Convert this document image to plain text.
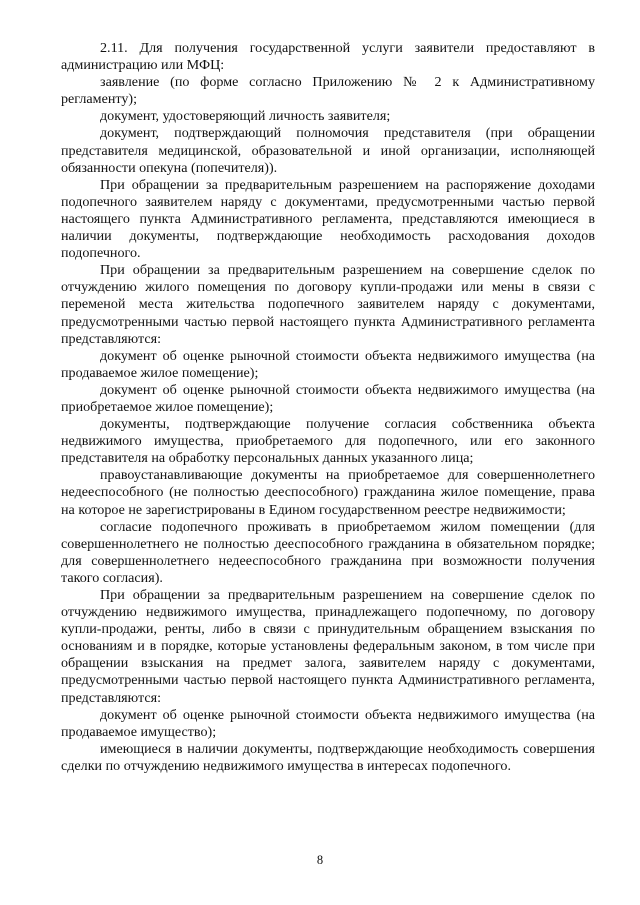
2.11. Для получения государственной услуги заявители предоставляют в администрацию или МФЦ:

заявление (по форме согласно Приложению № 2 к Административному регламенту);

документ, удостоверяющий личность заявителя;

документ, подтверждающий полномочия представителя (при обращении представителя медицинской, образовательной и иной организации, исполняющей обязанности опекуна (попечителя)).

При обращении за предварительным разрешением на распоряжение доходами подопечного заявителем наряду с документами, предусмотренными частью первой настоящего пункта Административного регламента, представляются имеющиеся в наличии документы, подтверждающие необходимость расходования доходов подопечного.

При обращении за предварительным разрешением на совершение сделок по отчуждению жилого помещения по договору купли-продажи или мены в связи с переменой места жительства подопечного заявителем наряду с документами, предусмотренными частью первой настоящего пункта Административного регламента представляются:

документ об оценке рыночной стоимости объекта недвижимого имущества (на продаваемое жилое помещение);

документ об оценке рыночной стоимости объекта недвижимого имущества (на приобретаемое жилое помещение);

документы, подтверждающие получение согласия собственника объекта недвижимого имущества, приобретаемого для подопечного, или его законного представителя на обработку персональных данных указанного лица;

правоустанавливающие документы на приобретаемое для совершеннолетнего недееспособного (не полностью дееспособного) гражданина жилое помещение, права на которое не зарегистрированы в Едином государственном реестре недвижимости;

согласие подопечного проживать в приобретаемом жилом помещении (для совершеннолетнего не полностью дееспособного гражданина в обязательном порядке; для совершеннолетнего недееспособного гражданина при возможности получения такого согласия).

При обращении за предварительным разрешением на совершение сделок по отчуждению недвижимого имущества, принадлежащего подопечному, по договору купли-продажи, ренты, либо в связи с принудительным обращением взыскания по основаниям и в порядке, которые установлены федеральным законом, в том числе при обращении взыскания на предмет залога, заявителем наряду с документами, предусмотренными частью первой настоящего пункта Административного регламента, представляются:

документ об оценке рыночной стоимости объекта недвижимого имущества (на продаваемое имущество);

имеющиеся в наличии документы, подтверждающие необходимость совершения сделки по отчуждению недвижимого имущества в интересах подопечного.

8
